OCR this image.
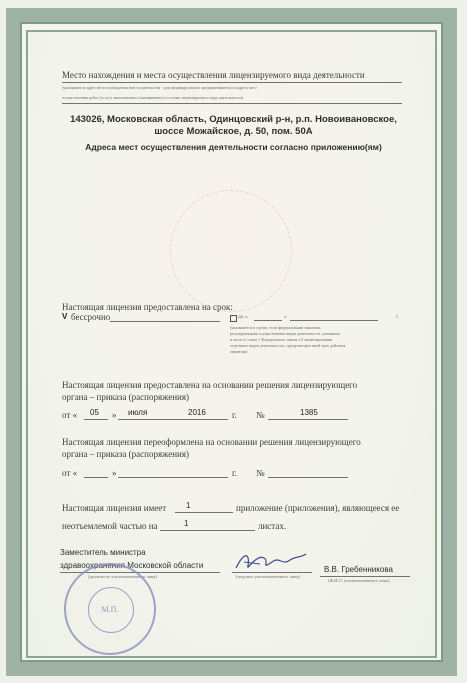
Место нахождения и места осуществления лицензируемого вида деятельности
(указываются адрес места нахождения (места жительства - для индивидуального предпринимателя) и адреса мест
осуществления работ (услуг), выполняемых (оказываемых) в составе лицензируемого вида деятельности)
143026, Московская область, Одинцовский р-н, р.п. Новоивановское,
шоссе Можайское, д. 50, пом. 50А
Адреса мест осуществления деятельности согласно приложению(ям)
Настоящая лицензия предоставлена на срок:
V бессрочно	до «	»	г.
(указывается в случае, если федеральными законами,
регулирующими осуществление видов деятельности, указанных
в части 4 статьи 1 Федерального закона «О лицензировании
отдельных видов деятельности», предусмотрен иной срок действия
лицензии)
Настоящая лицензия предоставлена на основании решения лицензирующего
органа – приказа (распоряжения)
от « 05 » июля	2016	г. №	1385
Настоящая лицензия переоформлена на основании решения лицензирующего
органа – приказа (распоряжения)
от «	»	г. №
Настоящая лицензия имеет 1	приложение (приложения), являющееся ее
неотъемлемой частью на	1	листах.
Заместитель министра
здравоохранения Московской области
(должность уполномоченного лица)	(подпись уполномоченного лица)
В.В. Гребенникова
(Ф.И.О. уполномоченного лица)
М.П.
